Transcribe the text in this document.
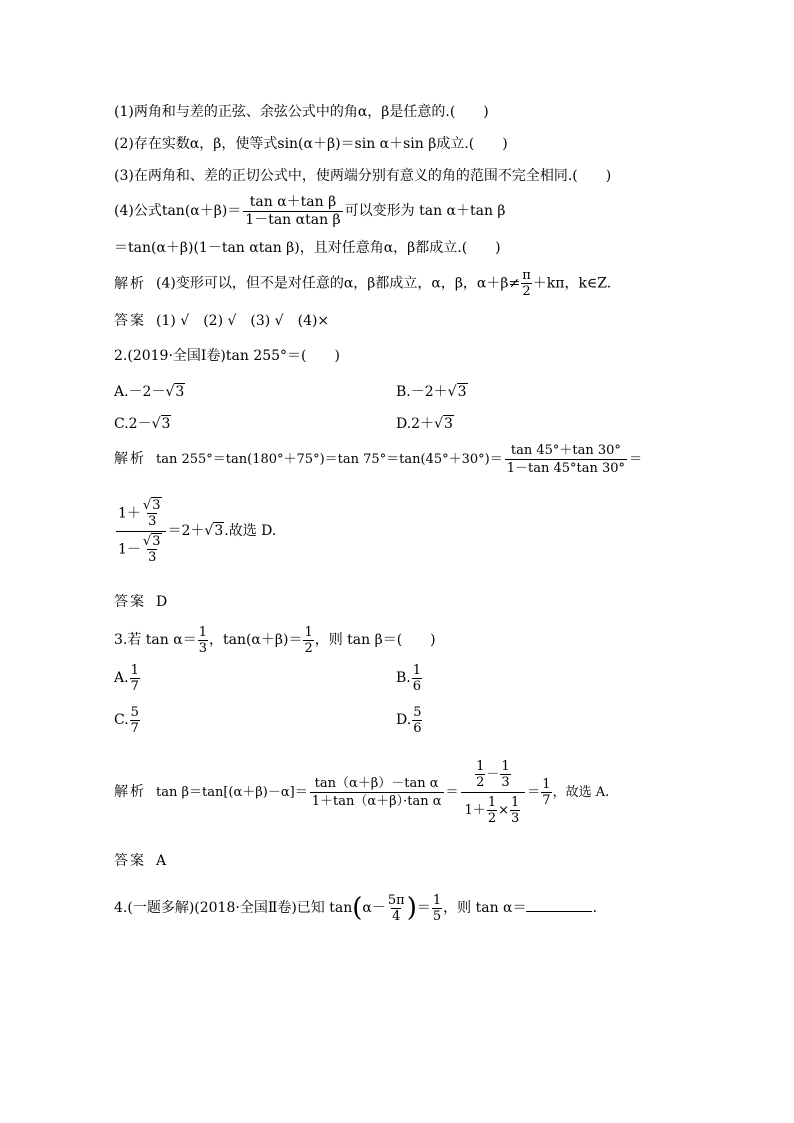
(1)两角和与差的正弦、余弦公式中的角α，β是任意的.(　　)
(2)存在实数α，β，使等式sin(α＋β)＝sin α＋sin β成立.(　　)
(3)在两角和、差的正切公式中，使两端分别有意义的角的范围不完全相同.(　　)
(4)公式$\tan(\alpha+\beta)= \frac{\text{tan α＋tan β}}{\text{1－tan αtan β}}$ 可以变形为 tan α＋tan β
＝tan(α＋β)(1－tan αtan β)，且对任意角α，β都成立.(　　)
解析 (4)变形可以，但不是对任意的α，β都成立，α，β，$\alpha+\beta\ne \frac{\pi}{2} +k\pi$，k∈Z.
答案 (1) √　(2) √　(3) √　(4)×
2.(2019·全国Ⅰ卷)tan 255°＝(　　)
A.－2－√3	B.－2＋√3
C.2－√3	D.2＋√3
解析 tan 255°＝tan(180°＋75°)＝tan $75^\circ=\tan(45^\circ+30^\circ)= \frac{\tan 45^\circ+\tan 30^\circ}{1-\tan 45^\circ\tan 30^\circ}$ ＝
$\frac{1+ \frac{√3}{3}}{1- \frac{√3}{3}} =2+√3$.故选 D.
答案 D
3.若 $\tan \alpha= \frac{1}{3}$ ，$\tan(\alpha+\beta)= \frac{1}{2}$ ，则 tan β＝(　　)
A. $\frac{1}{7}$	B. $\frac{1}{6}$
C. $\frac{5}{7}$	D. $\frac{5}{6}$
解析 $\tan \beta=\tan[(\alpha+\beta)-\alpha]= \frac{\text{tan（α＋β）－tan α}}{\text{1＋tan（α＋β）·tan α}} = \frac{\frac{1}{2} - \frac{1}{3}}{1+ \frac{1}{2} \times \frac{1}{3}} = \frac{1}{7}$ ，故选 A.
答案 A
4.(一题多解)(2018·全国Ⅱ卷)已知 $\tan(\alpha- \frac{5\pi}{4}$ )＝ $\frac{1}{5}$ ，则 tan α＝	.
